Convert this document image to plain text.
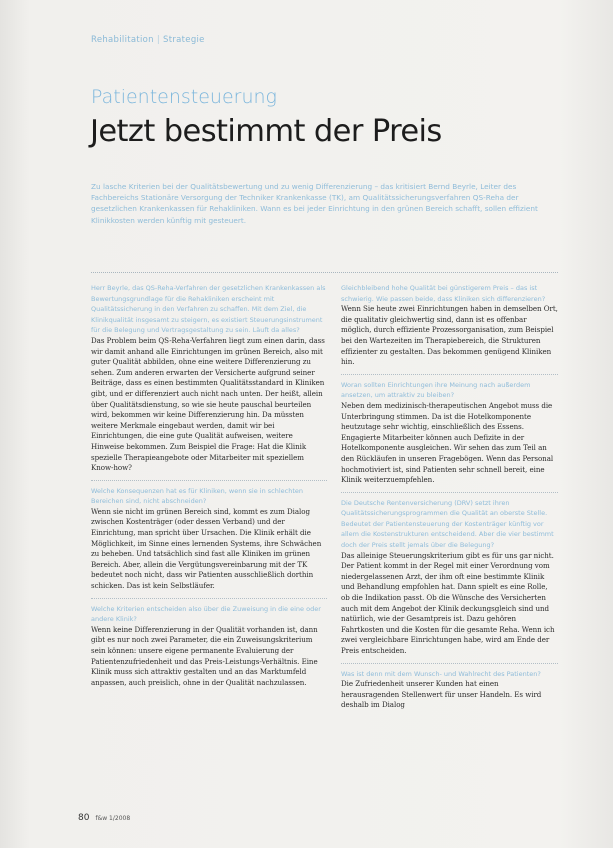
Rehabilitation | Strategie
Patientensteuerung
Jetzt bestimmt der Preis

Zu lasche Kriterien bei der Qualitätsbewertung und zu wenig Differenzierung – das kritisiert Bernd Beyrle, Leiter des Fachbereichs Stationäre Versorgung der Techniker Krankenkasse (TK), am Qualitätssicherungsverfahren QS-Reha der gesetzlichen Krankenkassen für Rehakliniken. Wann es bei jeder Einrichtung in den grünen Bereich schafft, sollen effizient Klinikkosten werden künftig mit gesteuert.

Herr Beyrle, das QS-Reha-Verfahren der gesetzlichen Krankenkassen als Bewertungsgrundlage für die Rehakliniken erscheint mit Qualitätssicherung in den Verfahren zu schaffen. Mit dem Ziel, die Klinikqualität insgesamt zu steigern, es existiert Steuerungsinstrument für die Belegung und Vertragsgestaltung zu sein. Läuft da alles?

Das Problem beim QS-Reha-Verfahren liegt zum einen darin, dass wir damit anhand alle Einrichtungen im grünen Bereich, also mit guter Qualität abbilden, ohne eine weitere Differenzierung zu sehen. Zum anderen erwarten der Versicherte aufgrund seiner Beiträge, dass es einen bestimmten Qualitätsstandard in Kliniken gibt, und er differenziert auch nicht nach unten. Der heißt, allein über Qualitätsdienstung, so wie sie heute pauschal beurteilen wird, bekommen wir keine Differenzierung hin. Da müssten weitere Merkmale eingebaut werden, damit wir bei Einrichtungen, die eine gute Qualität aufweisen, weitere Hinweise bekommen. Zum Beispiel die Frage: Hat die Klinik spezielle Therapieangebote oder Mitarbeiter mit speziellem Know-how?

Welche Konsequenzen hat es für Kliniken, wenn sie in schlechten Bereichen sind, nicht abschneiden?

Wenn sie nicht im grünen Bereich sind, kommt es zum Dialog zwischen Kostenträger (oder dessen Verband) und der Einrichtung, man spricht über Ursachen. Die Klinik erhält die Möglichkeit, im Sinne eines lernenden Systems, ihre Schwächen zu beheben. Und tatsächlich sind fast alle Kliniken im grünen Bereich. Aber, allein die Vergütungsvereinbarung mit der TK bedeutet noch nicht, dass wir Patienten ausschließlich dorthin schicken. Das ist kein Selbstläufer.

Welche Kriterien entscheiden also über die Zuweisung in die eine oder andere Klinik?

Wenn keine Differenzierung in der Qualität vorhanden ist, dann gibt es nur noch zwei Parameter, die ein Zuweisungskriterium sein können: unsere eigene permanente Evaluierung der Patientenzufriedenheit und das Preis-Leistungs-Verhältnis. Eine Klinik muss sich attraktiv gestalten und an das Marktumfeld anpassen, auch preislich, ohne in der Qualität nachzulassen.

Gleichbleibend hohe Qualität bei günstigerem Preis – das ist schwierig. Wie passen beide, dass Kliniken sich differenzieren?

Wenn Sie heute zwei Einrichtungen haben in demselben Ort, die qualitativ gleichwertig sind, dann ist es offenbar möglich, durch effiziente Prozessorganisation, zum Beispiel bei den Wartezeiten im Therapiebereich, die Strukturen effizienter zu gestalten. Das bekommen genügend Kliniken hin.

Woran sollten Einrichtungen ihre Meinung nach außerdem ansetzen, um attraktiv zu bleiben?

Neben dem medizinisch-therapeutischen Angebot muss die Unterbringung stimmen. Da ist die Hotelkomponente heutzutage sehr wichtig, einschließlich des Essens. Engagierte Mitarbeiter können auch Defizite in der Hotelkomponente ausgleichen. Wir sehen das zum Teil an den Rückläufen in unseren Fragebögen. Wenn das Personal hochmotiviert ist, sind Patienten sehr schnell bereit, eine Klinik weiterzuempfehlen.

Die Deutsche Rentenversicherung (DRV) setzt ihren Qualitätssicherungsprogrammen die Qualität an oberste Stelle. Bedeutet der Patientensteuerung der Kostenträger künftig vor allem die Kostenstrukturen entscheidend. Aber die vier bestimmt doch der Preis stellt jemals über die Belegung?

Das alleinige Steuerungskriterium gibt es für uns gar nicht. Der Patient kommt in der Regel mit einer Verordnung vom niedergelassenen Arzt, der ihm oft eine bestimmte Klinik und Behandlung empfohlen hat. Dann spielt es eine Rolle, ob die Indikation passt. Ob die Wünsche des Versicherten auch mit dem Angebot der Klinik deckungsgleich sind und natürlich, wie der Gesamtpreis ist. Dazu gehören Fahrtkosten und die Kosten für die gesamte Reha. Wenn ich zwei vergleichbare Einrichtungen habe, wird am Ende der Preis entscheiden.

Was ist denn mit dem Wunsch- und Wahlrecht des Patienten?

Die Zufriedenheit unserer Kunden hat einen herausragenden Stellenwert für unser Handeln. Es wird deshalb im Dialog

80 f&w 1/2008
